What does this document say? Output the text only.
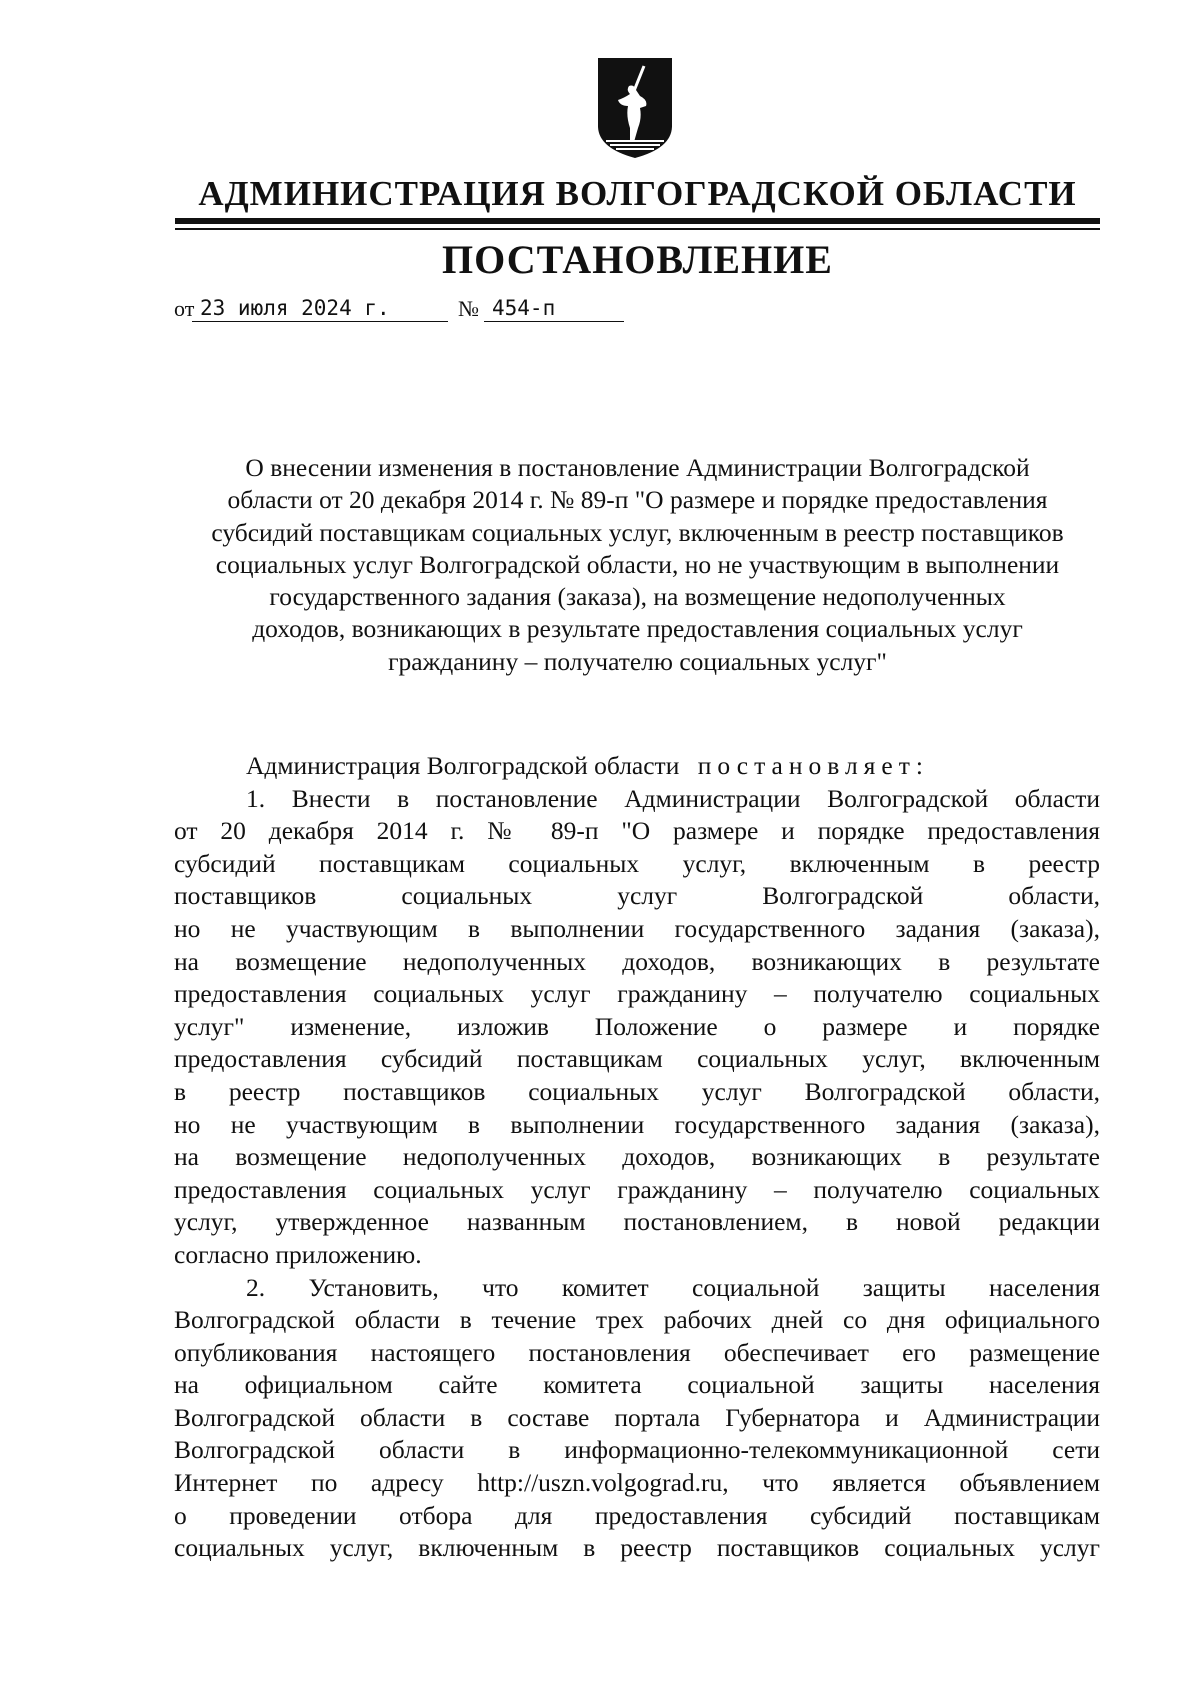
АДМИНИСТРАЦИЯ ВОЛГОГРАДСКОЙ ОБЛАСТИ
ПОСТАНОВЛЕНИЕ
от 23 июля 2024 г.	№ 454-п
О внесении изменения в постановление Администрации Волгоградской
области от 20 декабря 2014 г. № 89-п "О размере и порядке предоставления
субсидий поставщикам социальных услуг, включенным в реестр поставщиков
социальных услуг Волгоградской области, но не участвующим в выполнении
государственного задания (заказа), на возмещение недополученных
доходов, возникающих в результате предоставления социальных услуг
гражданину – получателю социальных услуг"
Администрация Волгоградской области постановляет:
1. Внести в постановление Администрации Волгоградской области
от 20 декабря 2014 г. № 89-п "О размере и порядке предоставления
субсидий поставщикам социальных услуг, включенным в реестр
поставщиков социальных услуг Волгоградской области,
но не участвующим в выполнении государственного задания (заказа),
на возмещение недополученных доходов, возникающих в результате
предоставления социальных услуг гражданину – получателю социальных
услуг" изменение, изложив Положение о размере и порядке
предоставления субсидий поставщикам социальных услуг, включенным
в реестр поставщиков социальных услуг Волгоградской области,
но не участвующим в выполнении государственного задания (заказа),
на возмещение недополученных доходов, возникающих в результате
предоставления социальных услуг гражданину – получателю социальных
услуг, утвержденное названным постановлением, в новой редакции
согласно приложению.
2. Установить, что комитет социальной защиты населения
Волгоградской области в течение трех рабочих дней со дня официального
опубликования настоящего постановления обеспечивает его размещение
на официальном сайте комитета социальной защиты населения
Волгоградской области в составе портала Губернатора и Администрации
Волгоградской области в информационно-телекоммуникационной сети
Интернет по адресу http://uszn.volgograd.ru, что является объявлением
о проведении отбора для предоставления субсидий поставщикам
социальных услуг, включенным в реестр поставщиков социальных услуг
